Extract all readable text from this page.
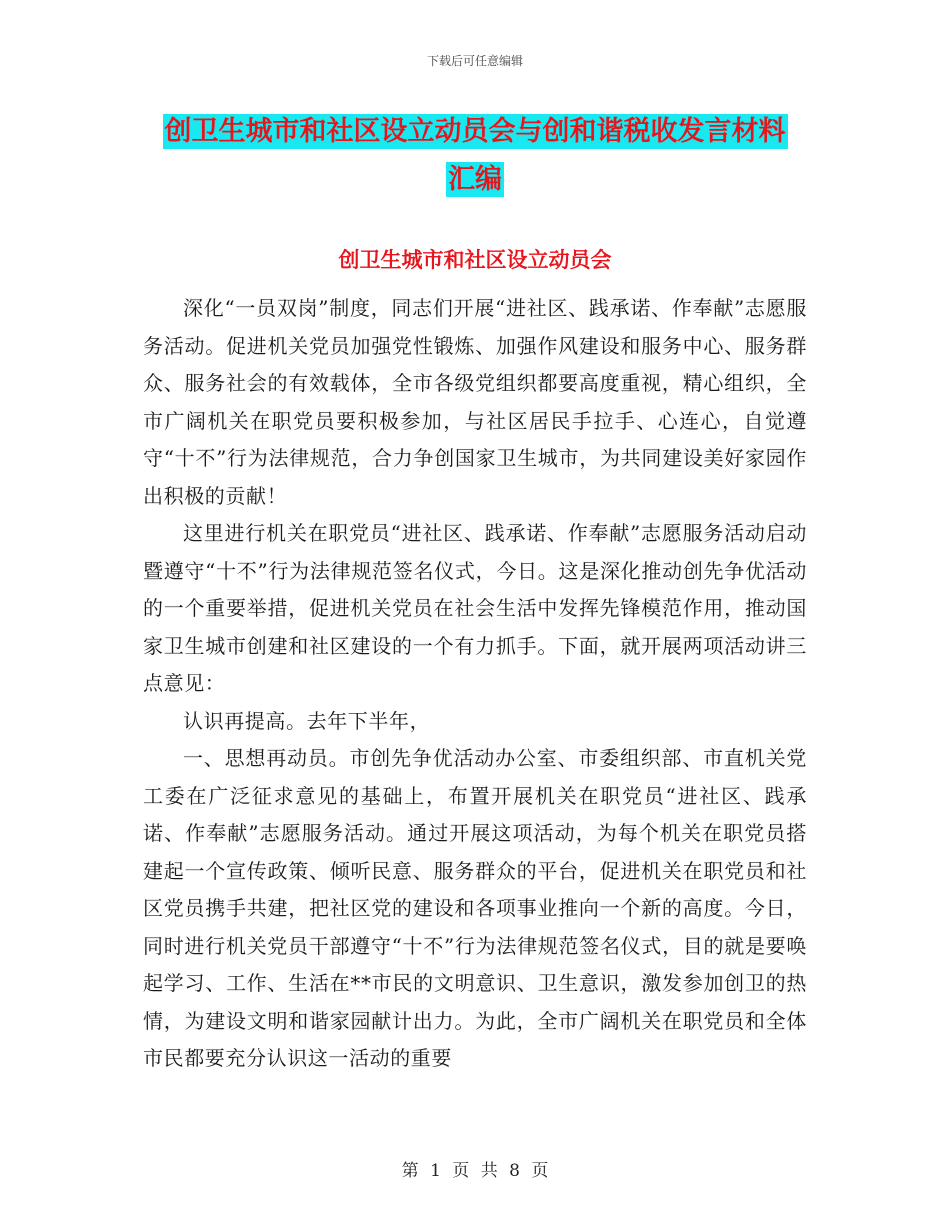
下载后可任意编辑
创卫生城市和社区设立动员会与创和谐税收发言材料
汇编
创卫生城市和社区设立动员会

深化“一员双岗”制度，同志们开展“进社区、践承诺、作奉献”志愿服务活动。促进机关党员加强党性锻炼、加强作风建设和服务中心、服务群众、服务社会的有效载体，全市各级党组织都要高度重视，精心组织，全市广阔机关在职党员要积极参加，与社区居民手拉手、心连心，自觉遵守“十不”行为法律规范，合力争创国家卫生城市，为共同建设美好家园作出积极的贡献！

这里进行机关在职党员“进社区、践承诺、作奉献”志愿服务活动启动暨遵守“十不”行为法律规范签名仪式，今日。这是深化推动创先争优活动的一个重要举措，促进机关党员在社会生活中发挥先锋模范作用，推动国家卫生城市创建和社区建设的一个有力抓手。下面，就开展两项活动讲三点意见：

认识再提高。去年下半年，

一、思想再动员。市创先争优活动办公室、市委组织部、市直机关党工委在广泛征求意见的基础上，布置开展机关在职党员“进社区、践承诺、作奉献”志愿服务活动。通过开展这项活动，为每个机关在职党员搭建起一个宣传政策、倾听民意、服务群众的平台，促进机关在职党员和社区党员携手共建，把社区党的建设和各项事业推向一个新的高度。今日，同时进行机关党员干部遵守“十不”行为法律规范签名仪式，目的就是要唤起学习、工作、生活在**市民的文明意识、卫生意识，激发参加创卫的热情，为建设文明和谐家园献计出力。为此，全市广阔机关在职党员和全体市民都要充分认识这一活动的重要

第 1 页 共 8 页
